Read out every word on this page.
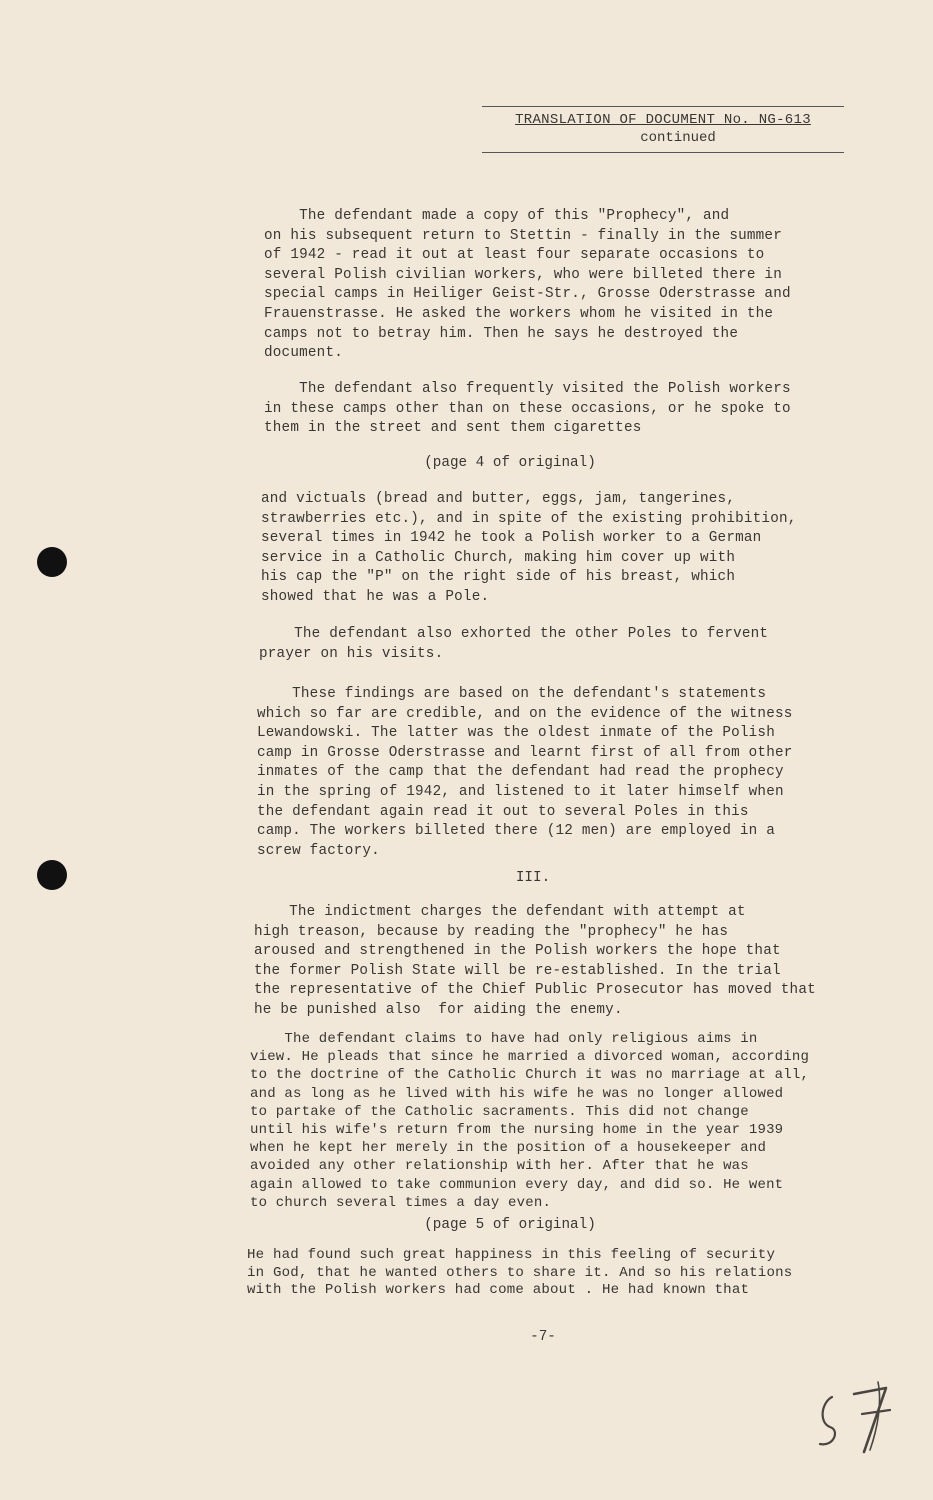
TRANSLATION OF DOCUMENT No. NG-613
continued
The defendant made a copy of this "Prophecy", and
on his subsequent return to Stettin - finally in the summer
of 1942 - read it out at least four separate occasions to
several Polish civilian workers, who were billeted there in
special camps in Heiliger Geist-Str., Grosse Oderstrasse and
Frauenstrasse. He asked the workers whom he visited in the
camps not to betray him. Then he says he destroyed the
document.
The defendant also frequently visited the Polish workers
in these camps other than on these occasions, or he spoke to
them in the street and sent them cigarettes
(page 4 of original)
and victuals (bread and butter, eggs, jam, tangerines,
strawberries etc.), and in spite of the existing prohibition,
several times in 1942 he took a Polish worker to a German
service in a Catholic Church, making him cover up with
his cap the "P" on the right side of his breast, which
showed that he was a Pole.
The defendant also exhorted the other Poles to fervent
prayer on his visits.
These findings are based on the defendant's statements
which so far are credible, and on the evidence of the witness
Lewandowski. The latter was the oldest inmate of the Polish
camp in Grosse Oderstrasse and learnt first of all from other
inmates of the camp that the defendant had read the prophecy
in the spring of 1942, and listened to it later himself when
the defendant again read it out to several Poles in this
camp. The workers billeted there (12 men) are employed in a
screw factory.
III.
The indictment charges the defendant with attempt at
high treason, because by reading the "prophecy" he has
aroused and strengthened in the Polish workers the hope that
the former Polish State will be re-established. In the trial
the representative of the Chief Public Prosecutor has moved that
he be punished also  for aiding the enemy.
The defendant claims to have had only religious aims in
view. He pleads that since he married a divorced woman, according
to the doctrine of the Catholic Church it was no marriage at all,
and as long as he lived with his wife he was no longer allowed
to partake of the Catholic sacraments. This did not change
until his wife's return from the nursing home in the year 1939
when he kept her merely in the position of a housekeeper and
avoided any other relationship with her. After that he was
again allowed to take communion every day, and did so. He went
to church several times a day even.
(page 5 of original)
He had found such great happiness in this feeling of security
in God, that he wanted others to share it. And so his relations
with the Polish workers had come about . He had known that
-7-
